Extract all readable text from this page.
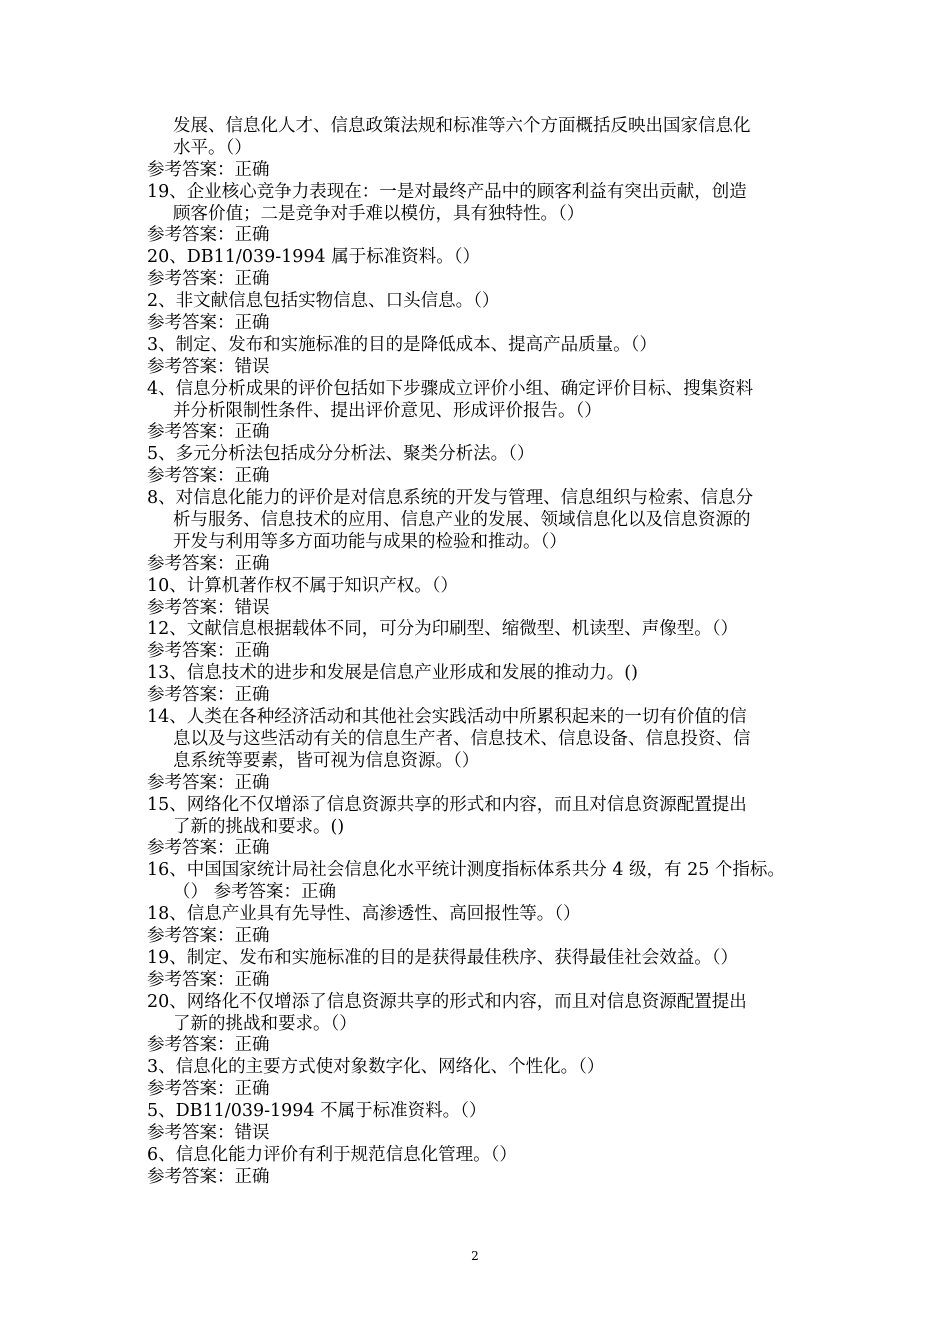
发展、信息化人才、信息政策法规和标准等六个方面概括反映出国家信息化
水平。（）
参考答案：正确
19、企业核心竞争力表现在：一是对最终产品中的顾客利益有突出贡献，创造
顾客价值；二是竞争对手难以模仿，具有独特性。（）
参考答案：正确
20、DB11/039-1994 属于标准资料。（）
参考答案：正确
2、非文献信息包括实物信息、口头信息。（）
参考答案：正确
3、制定、发布和实施标准的目的是降低成本、提高产品质量。（）
参考答案：错误
4、信息分析成果的评价包括如下步骤成立评价小组、确定评价目标、搜集资料
并分析限制性条件、提出评价意见、形成评价报告。（）
参考答案：正确
5、多元分析法包括成分分析法、聚类分析法。（）
参考答案：正确
8、对信息化能力的评价是对信息系统的开发与管理、信息组织与检索、信息分
析与服务、信息技术的应用、信息产业的发展、领域信息化以及信息资源的
开发与利用等多方面功能与成果的检验和推动。（）
参考答案：正确
10、计算机著作权不属于知识产权。（）
参考答案：错误
12、文献信息根据载体不同，可分为印刷型、缩微型、机读型、声像型。（）
参考答案：正确
13、信息技术的进步和发展是信息产业形成和发展的推动力。()
参考答案：正确
14、人类在各种经济活动和其他社会实践活动中所累积起来的一切有价值的信
息以及与这些活动有关的信息生产者、信息技术、信息设备、信息投资、信
息系统等要素，皆可视为信息资源。（）
参考答案：正确
15、网络化不仅增添了信息资源共享的形式和内容，而且对信息资源配置提出
了新的挑战和要求。()
参考答案：正确
16、中国国家统计局社会信息化水平统计测度指标体系共分 4 级，有 25 个指标。
（） 参考答案：正确
18、信息产业具有先导性、高渗透性、高回报性等。（）
参考答案：正确
19、制定、发布和实施标准的目的是获得最佳秩序、获得最佳社会效益。（）
参考答案：正确
20、网络化不仅增添了信息资源共享的形式和内容，而且对信息资源配置提出
了新的挑战和要求。（）
参考答案：正确
3、信息化的主要方式使对象数字化、网络化、个性化。（）
参考答案：正确
5、DB11/039-1994 不属于标准资料。（）
参考答案：错误
6、信息化能力评价有利于规范信息化管理。（）
参考答案：正确
2
